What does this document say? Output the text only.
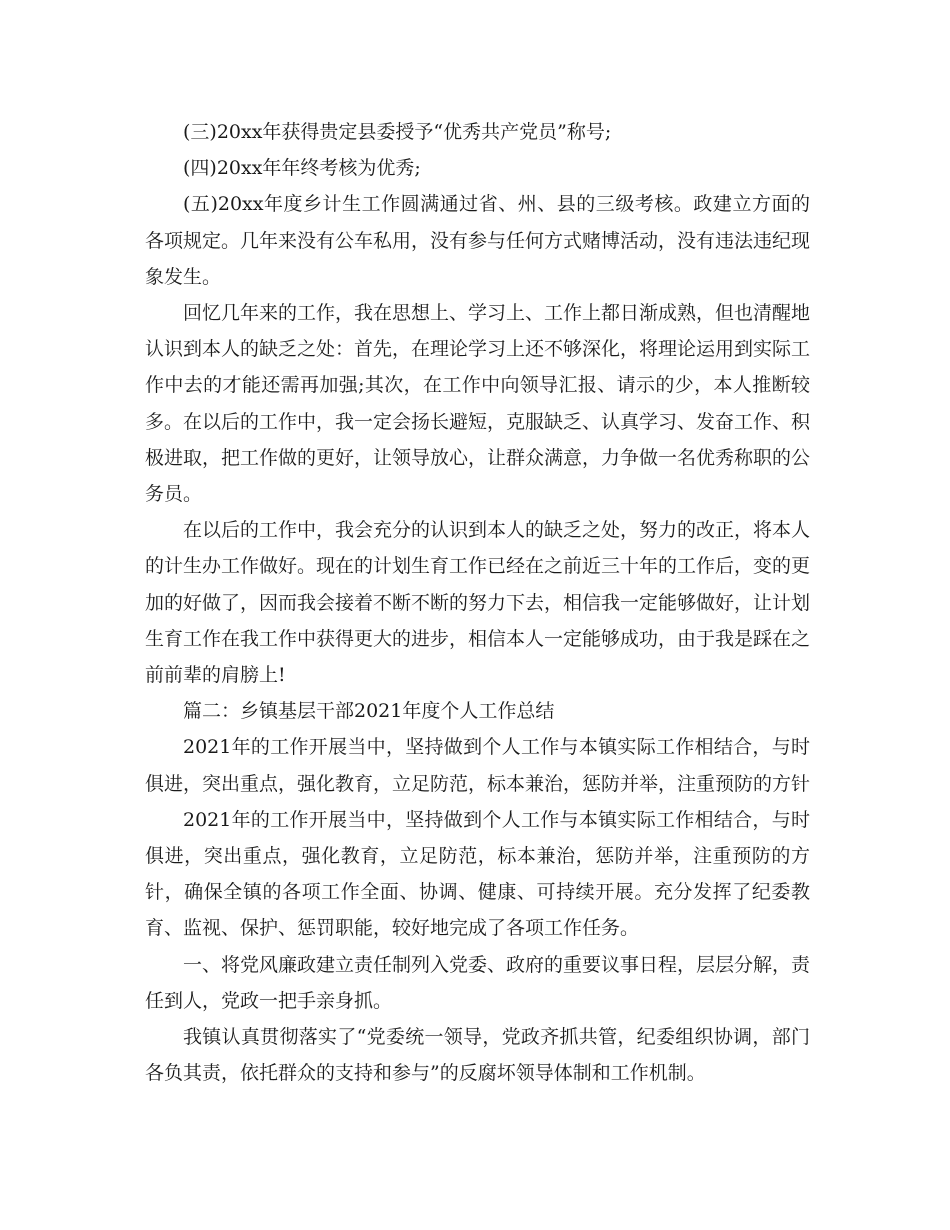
(三)20xx年获得贵定县委授予“优秀共产党员”称号;

(四)20xx年年终考核为优秀;

(五)20xx年度乡计生工作圆满通过省、州、县的三级考核。政建立方面的各项规定。几年来没有公车私用，没有参与任何方式赌博活动，没有违法违纪现象发生。

回忆几年来的工作，我在思想上、学习上、工作上都日渐成熟，但也清醒地认识到本人的缺乏之处：首先，在理论学习上还不够深化，将理论运用到实际工作中去的才能还需再加强;其次，在工作中向领导汇报、请示的少，本人推断较多。在以后的工作中，我一定会扬长避短，克服缺乏、认真学习、发奋工作、积极进取，把工作做的更好，让领导放心，让群众满意，力争做一名优秀称职的公务员。

在以后的工作中，我会充分的认识到本人的缺乏之处，努力的改正，将本人的计生办工作做好。现在的计划生育工作已经在之前近三十年的工作后，变的更加的好做了，因而我会接着不断不断的努力下去，相信我一定能够做好，让计划生育工作在我工作中获得更大的进步，相信本人一定能够成功，由于我是踩在之前前辈的肩膀上!

篇二：乡镇基层干部2021年度个人工作总结

2021年的工作开展当中，坚持做到个人工作与本镇实际工作相结合，与时俱进，突出重点，强化教育，立足防范，标本兼治，惩防并举，注重预防的方针

2021年的工作开展当中，坚持做到个人工作与本镇实际工作相结合，与时俱进，突出重点，强化教育，立足防范，标本兼治，惩防并举，注重预防的方针，确保全镇的各项工作全面、协调、健康、可持续开展。充分发挥了纪委教育、监视、保护、惩罚职能，较好地完成了各项工作任务。

一、将党风廉政建立责任制列入党委、政府的重要议事日程，层层分解，责任到人，党政一把手亲身抓。

我镇认真贯彻落实了“党委统一领导，党政齐抓共管，纪委组织协调，部门各负其责，依托群众的支持和参与”的反腐坏领导体制和工作机制。
